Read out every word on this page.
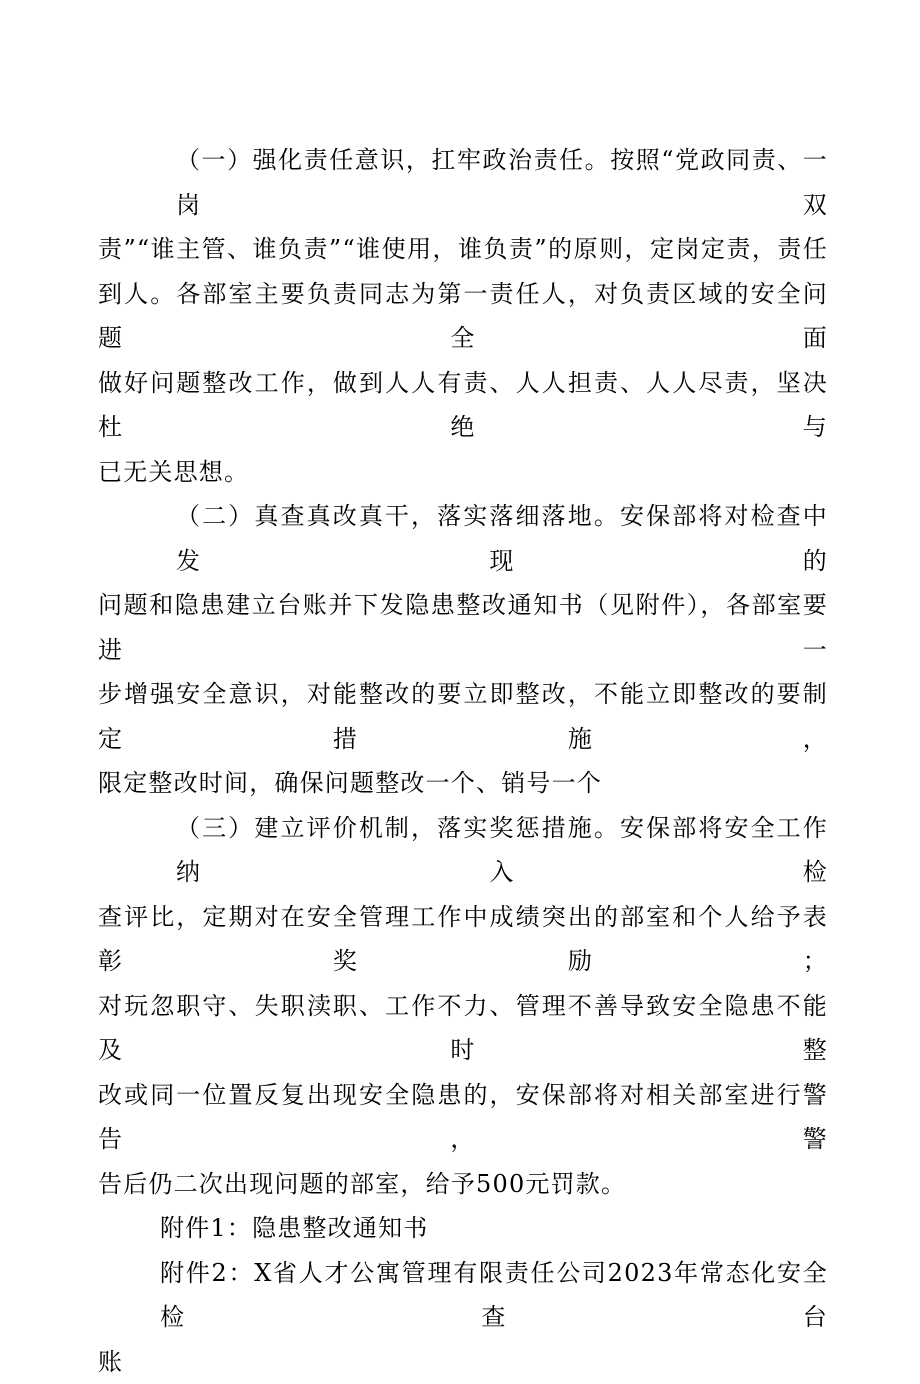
（一）强化责任意识，扛牢政治责任。按照“党政同责、一岗双
责”“谁主管、谁负责”“谁使用，谁负责”的原则，定岗定责，责任
到人。各部室主要负责同志为第一责任人，对负责区域的安全问题全面
做好问题整改工作，做到人人有责、人人担责、人人尽责，坚决杜绝与
已无关思想。

（二）真查真改真干，落实落细落地。安保部将对检查中发现的
问题和隐患建立台账并下发隐患整改通知书（见附件），各部室要进一
步增强安全意识，对能整改的要立即整改，不能立即整改的要制定措施，
限定整改时间，确保问题整改一个、销号一个

（三）建立评价机制，落实奖惩措施。安保部将安全工作纳入检
查评比，定期对在安全管理工作中成绩突出的部室和个人给予表彰奖励；
对玩忽职守、失职渎职、工作不力、管理不善导致安全隐患不能及时整
改或同一位置反复出现安全隐患的，安保部将对相关部室进行警告，警
告后仍二次出现问题的部室，给予500元罚款。

附件1：隐患整改通知书

附件2：X省人才公寓管理有限责任公司2023年常态化安全检查台
账
